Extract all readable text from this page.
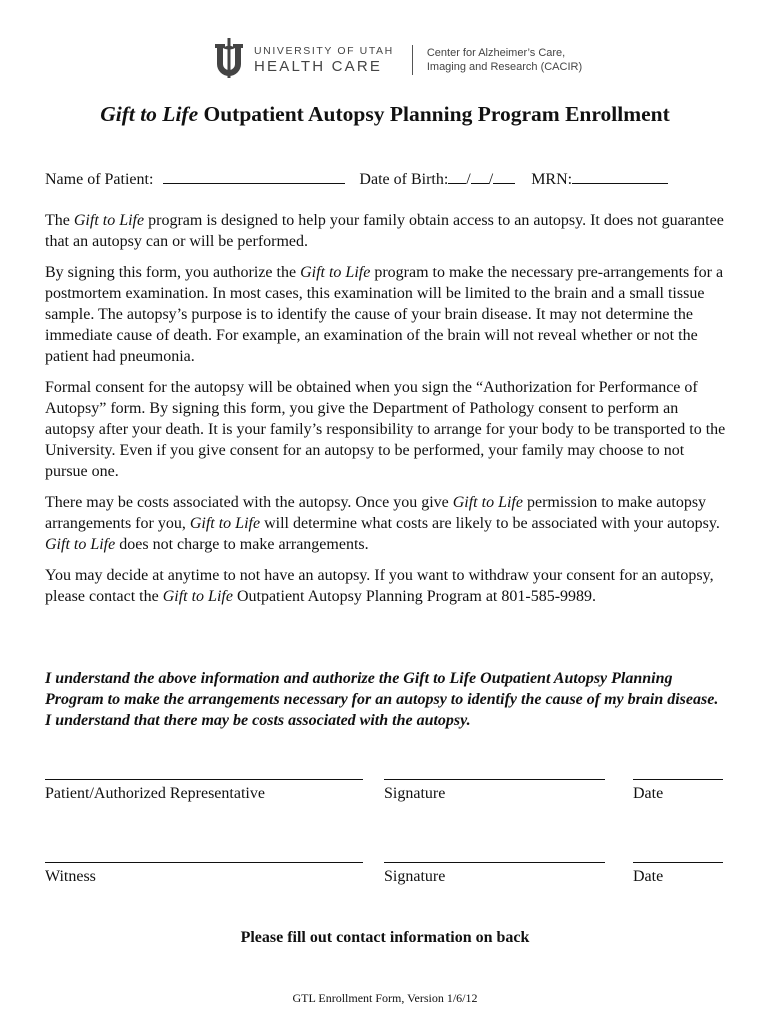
UNIVERSITY OF UTAH
HEALTH CARE
Center for Alzheimer’s Care,
Imaging and Research (CACIR)
Gift to Life Outpatient Autopsy Planning Program Enrollment
Name of Patient:	Date of Birth: / / MRN:

The Gift to Life program is designed to help your family obtain access to an autopsy. It does not guarantee that an autopsy can or will be performed.

By signing this form, you authorize the Gift to Life program to make the necessary pre-arrangements for a postmortem examination. In most cases, this examination will be limited to the brain and a small tissue sample. The autopsy’s purpose is to identify the cause of your brain disease. It may not determine the immediate cause of death. For example, an examination of the brain will not reveal whether or not the patient had pneumonia.

Formal consent for the autopsy will be obtained when you sign the “Authorization for Performance of Autopsy” form. By signing this form, you give the Department of Pathology consent to perform an autopsy after your death. It is your family’s responsibility to arrange for your body to be transported to the University. Even if you give consent for an autopsy to be performed, your family may choose to not pursue one.

There may be costs associated with the autopsy. Once you give Gift to Life permission to make autopsy arrangements for you, Gift to Life will determine what costs are likely to be associated with your autopsy. Gift to Life does not charge to make arrangements.

You may decide at anytime to not have an autopsy. If you want to withdraw your consent for an autopsy, please contact the Gift to Life Outpatient Autopsy Planning Program at 801-585-9989.

I understand the above information and authorize the Gift to Life Outpatient Autopsy Planning Program to make the arrangements necessary for an autopsy to identify the cause of my brain disease. I understand that there may be costs associated with the autopsy.
Patient/Authorized Representative	Signature	Date
Witness	Signature	Date
Please fill out contact information on back
GTL Enrollment Form, Version 1/6/12
